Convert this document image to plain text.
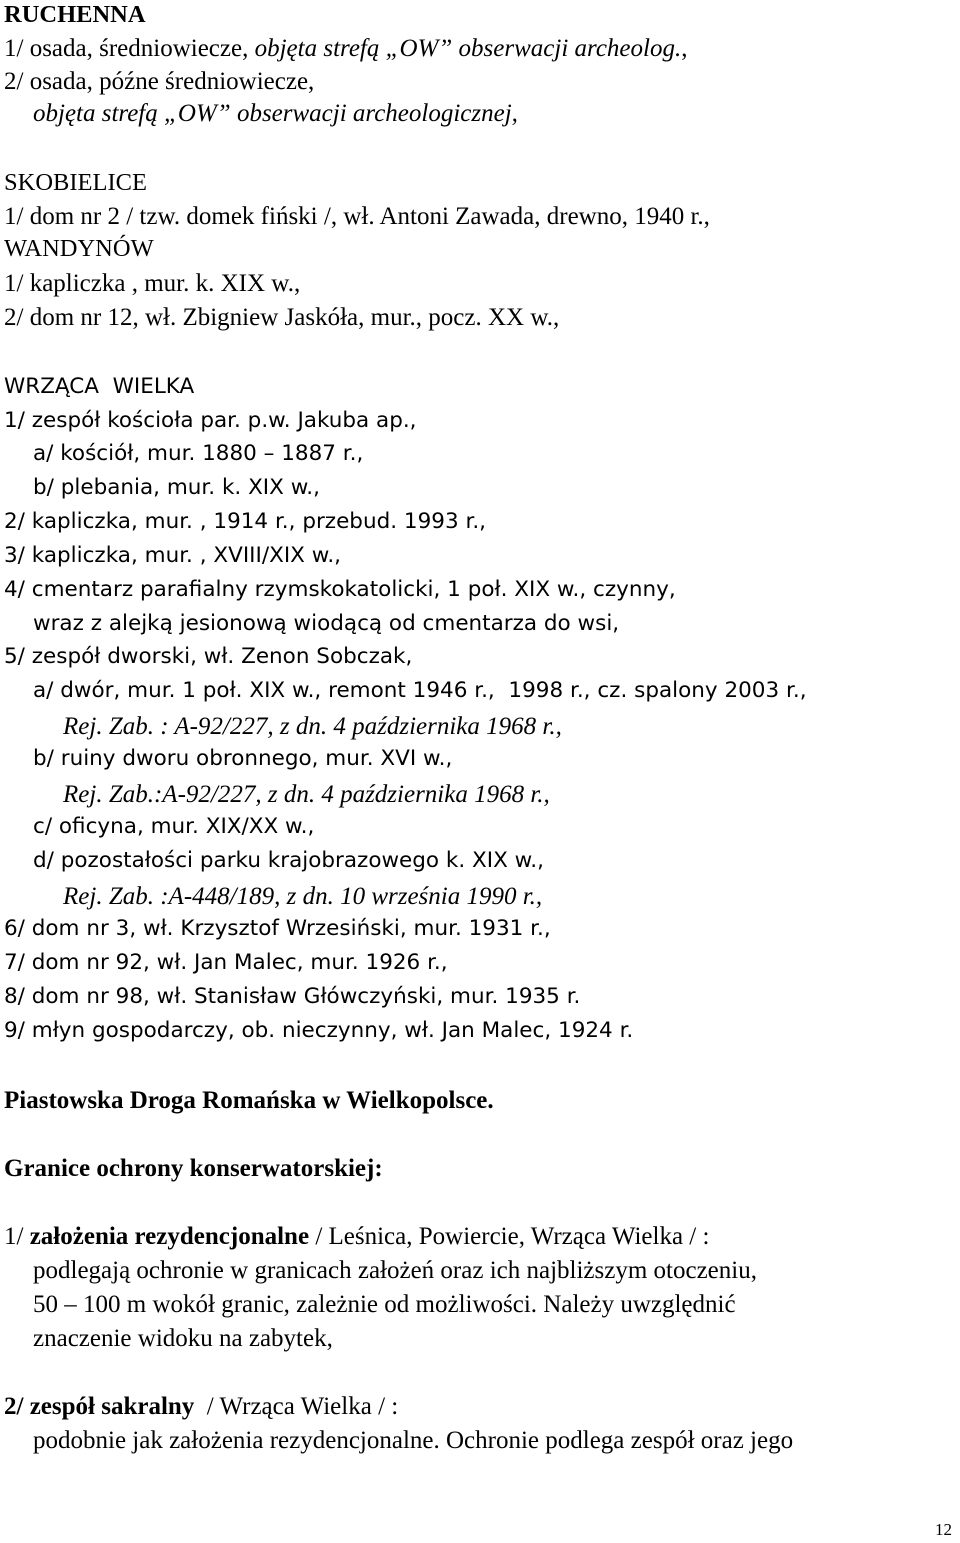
RUCHENNA
1/ osada, średniowiecze, objęta strefą „OW” obserwacji archeolog.,
2/ osada, późne średniowiecze,
objęta strefą „OW” obserwacji archeologicznej,
SKOBIELICE
1/ dom nr 2 / tzw. domek fiński /, wł. Antoni Zawada, drewno, 1940 r.,
WANDYNÓW
1/ kapliczka , mur. k. XIX w.,
2/ dom nr 12, wł. Zbigniew Jaskóła, mur., pocz. XX w.,
WRZĄCA  WIELKA
1/ zespół kościoła par. p.w. Jakuba ap.,
a/ kościół, mur. 1880 – 1887 r.,
b/ plebania, mur. k. XIX w.,
2/ kapliczka, mur. , 1914 r., przebud. 1993 r.,
3/ kapliczka, mur. , XVIII/XIX w.,
4/ cmentarz parafialny rzymskokatolicki, 1 poł. XIX w., czynny,
wraz z alejką jesionową wiodącą od cmentarza do wsi,
5/ zespół dworski, wł. Zenon Sobczak,
a/ dwór, mur. 1 poł. XIX w., remont 1946 r.,  1998 r., cz. spalony 2003 r.,
Rej. Zab. : A-92/227, z dn. 4 października 1968 r.,
b/ ruiny dworu obronnego, mur. XVI w.,
Rej. Zab.:A-92/227, z dn. 4 października 1968 r.,
c/ oficyna, mur. XIX/XX w.,
d/ pozostałości parku krajobrazowego k. XIX w.,
Rej. Zab. :A-448/189, z dn. 10 września 1990 r.,
6/ dom nr 3, wł. Krzysztof Wrzesiński, mur. 1931 r.,
7/ dom nr 92, wł. Jan Malec, mur. 1926 r.,
8/ dom nr 98, wł. Stanisław Główczyński, mur. 1935 r.
9/ młyn gospodarczy, ob. nieczynny, wł. Jan Malec, 1924 r.
Piastowska Droga Romańska w Wielkopolsce.
Granice ochrony konserwatorskiej:
1/ założenia rezydencjonalne / Leśnica, Powiercie, Wrząca Wielka / :
podlegają ochronie w granicach założeń oraz ich najbliższym otoczeniu,
50 – 100 m wokół granic, zależnie od możliwości. Należy uwzględnić
znaczenie widoku na zabytek,
2/ zespół sakralny  / Wrząca Wielka / :
podobnie jak założenia rezydencjonalne. Ochronie podlega zespół oraz jego
12
